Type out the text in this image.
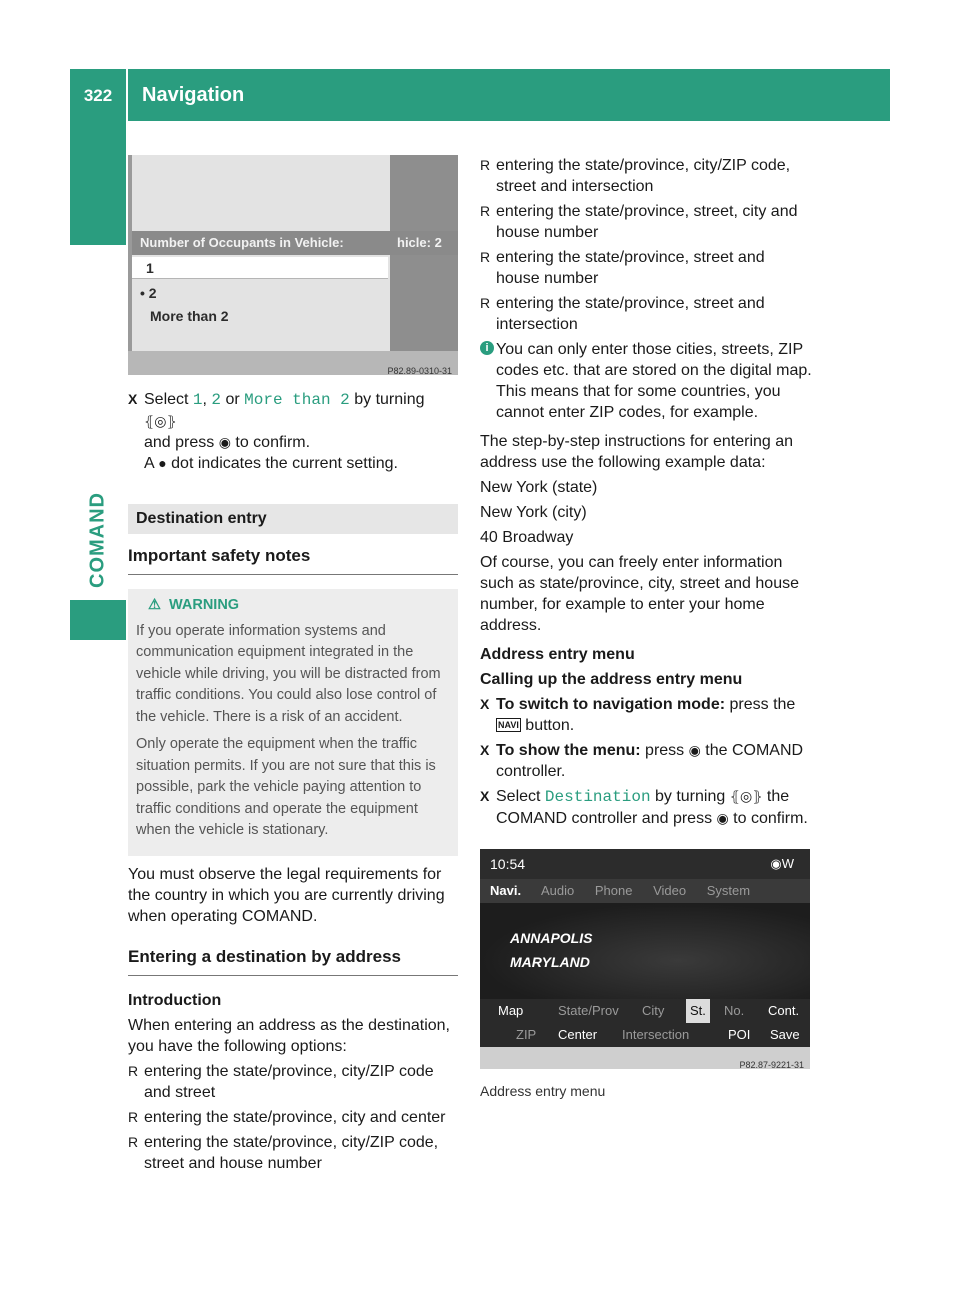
322	Navigation
COMAND
Number of Occupants in Vehicle:	hicle: 2
1
• 2
More than 2
P82.89-0310-31
X Select 1, 2 or More than 2 by turning ⦃◎⦄
and press ◉ to confirm.
A ● dot indicates the current setting.
Destination entry
Important safety notes
⚠ WARNING

If you operate information systems and communication equipment integrated in the vehicle while driving, you will be distracted from traffic conditions. You could also lose control of the vehicle. There is a risk of an accident.

Only operate the equipment when the traffic situation permits. If you are not sure that this is possible, park the vehicle paying attention to traffic conditions and operate the equipment when the vehicle is stationary.

You must observe the legal requirements for the country in which you are currently driving when operating COMAND.

Entering a destination by address
Introduction

When entering an address as the destination, you have the following options:

R entering the state/province, city/ZIP code and street
R entering the state/province, city and center
R entering the state/province, city/ZIP code, street and house number
R entering the state/province, city/ZIP code, street and intersection
R entering the state/province, street, city and house number
R entering the state/province, street and house number
R entering the state/province, street and intersection
i You can only enter those cities, streets, ZIP codes etc. that are stored on the digital map. This means that for some countries, you cannot enter ZIP codes, for example.

The step-by-step instructions for entering an address use the following example data:

New York (state)

New York (city)

40 Broadway

Of course, you can freely enter information such as state/province, city, street and house number, for example to enter your home address.

Address entry menu
Calling up the address entry menu
X To switch to navigation mode: press the
NAVI button.
X To show the menu: press ◉ the COMAND controller.
X Select Destination by turning ⦃◎⦄ the COMAND controller and press ◉ to confirm.
10:54	◉W
Navi. Audio Phone Video System
ANNAPOLIS
MARYLAND
Map	State/Prov City	St.	No. Cont.
ZIP Center Intersection	POI Save
P82.87-9221-31
Address entry menu
